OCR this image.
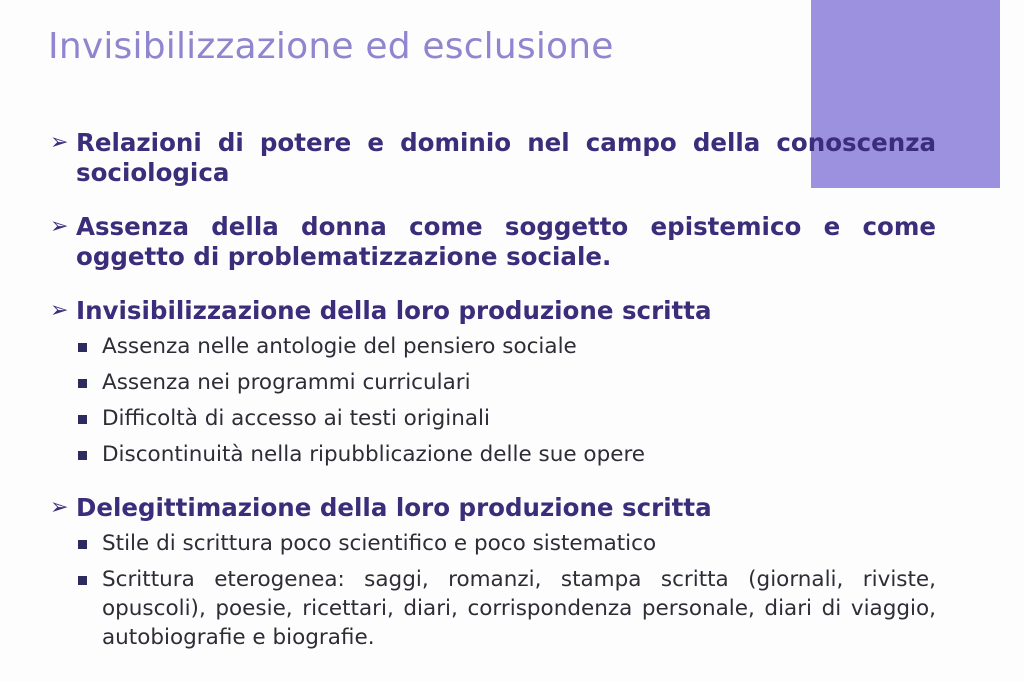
Invisibilizzazione ed esclusione
➢ Relazioni di potere e dominio nel campo della conoscenza sociologica
➢ Assenza della donna come soggetto epistemico e come oggetto di problematizzazione sociale.
➢ Invisibilizzazione della loro produzione scritta
Assenza nelle antologie del pensiero sociale
Assenza nei programmi curriculari
Difficoltà di accesso ai testi originali
Discontinuità nella ripubblicazione delle sue opere
➢ Delegittimazione della loro produzione scritta
Stile di scrittura poco scientifico e poco sistematico
Scrittura eterogenea: saggi, romanzi, stampa scritta (giornali, riviste, opuscoli), poesie, ricettari, diari, corrispondenza personale, diari di viaggio, autobiografie e biografie.
